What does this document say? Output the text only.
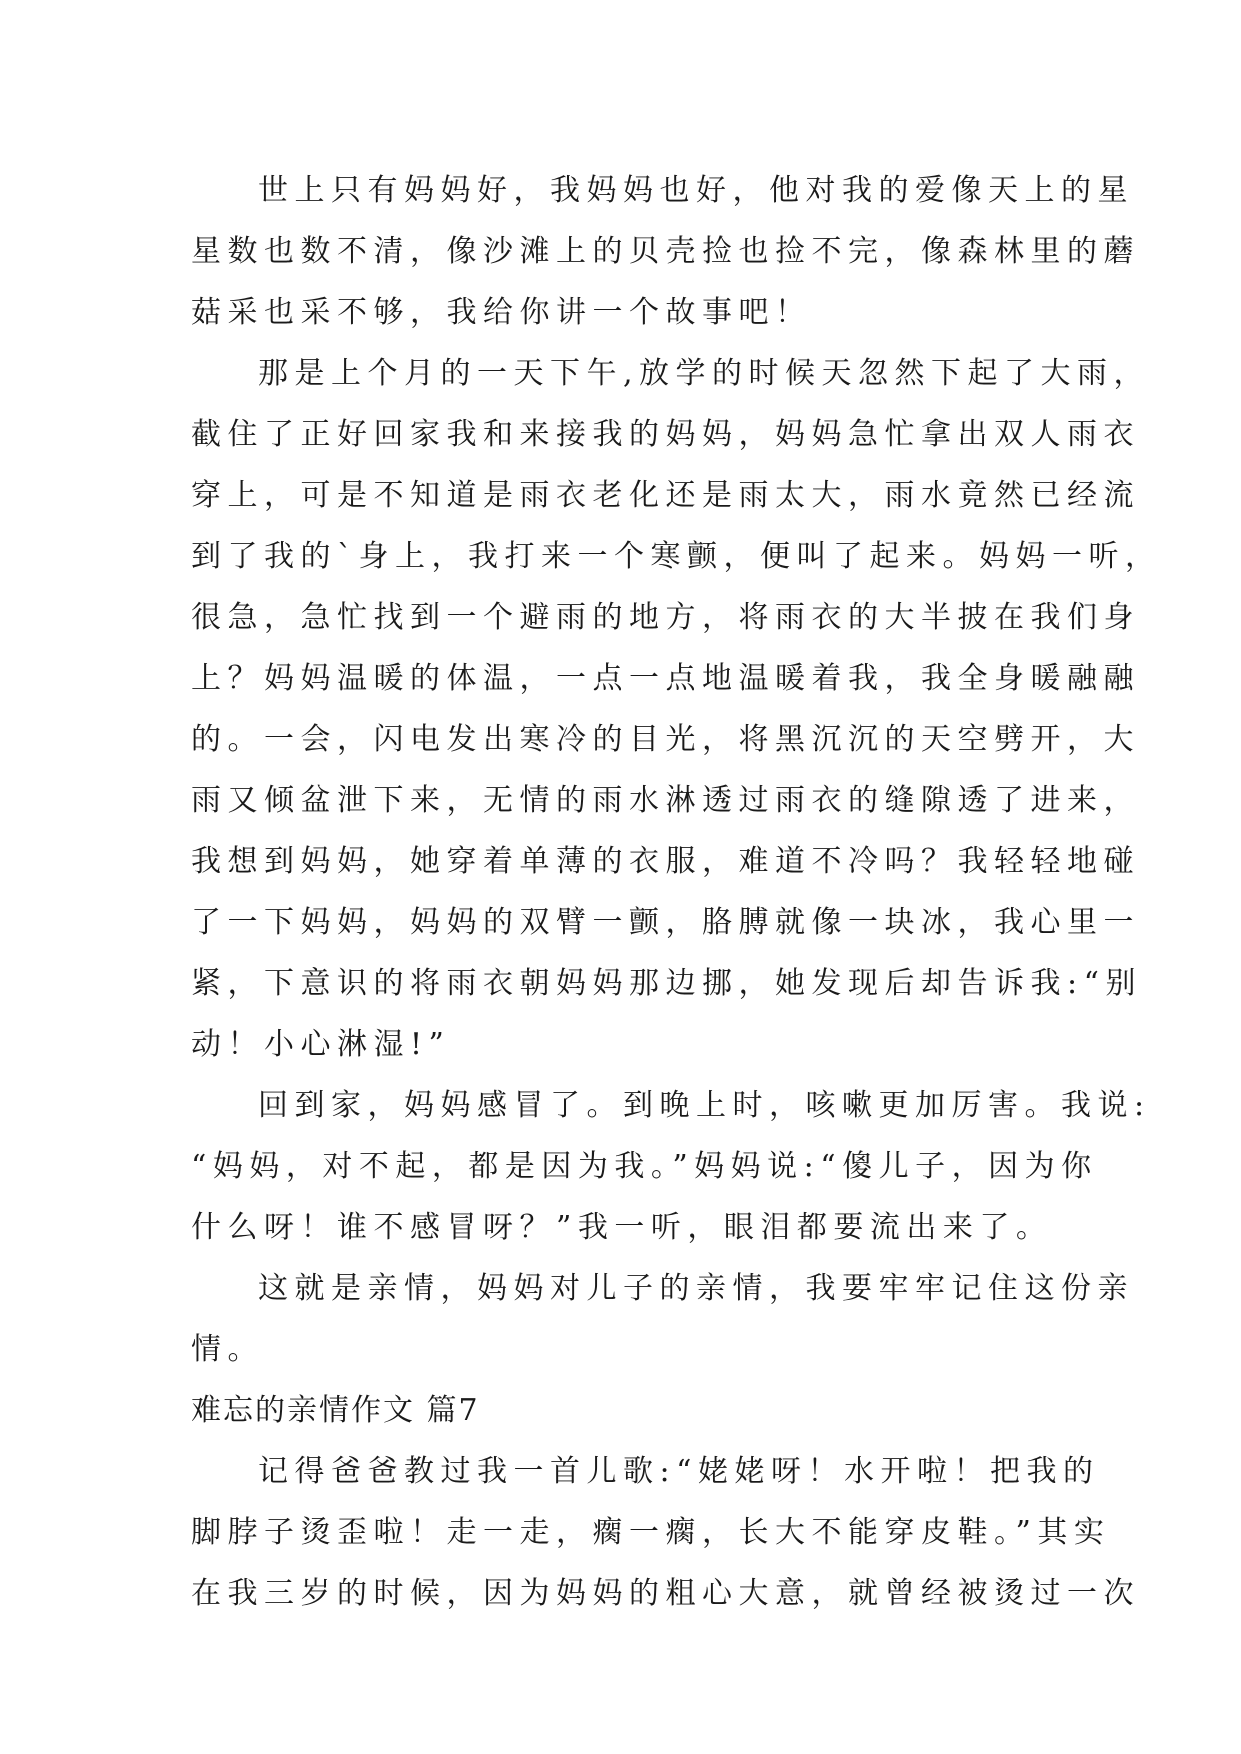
世上只有妈妈好，我妈妈也好，他对我的爱像天上的星
星数也数不清，像沙滩上的贝壳捡也捡不完，像森林里的蘑
菇采也采不够，我给你讲一个故事吧！
那是上个月的一天下午,放学的时候天忽然下起了大雨，
截住了正好回家我和来接我的妈妈，妈妈急忙拿出双人雨衣
穿上，可是不知道是雨衣老化还是雨太大，雨水竟然已经流
到了我的`身上，我打来一个寒颤，便叫了起来。妈妈一听，
很急，急忙找到一个避雨的地方，将雨衣的大半披在我们身
上？妈妈温暖的体温，一点一点地温暖着我，我全身暖融融
的。一会，闪电发出寒冷的目光，将黑沉沉的天空劈开，大
雨又倾盆泄下来，无情的雨水淋透过雨衣的缝隙透了进来，
我想到妈妈，她穿着单薄的衣服，难道不冷吗？我轻轻地碰
了一下妈妈，妈妈的双臂一颤，胳膊就像一块冰，我心里一
紧，下意识的将雨衣朝妈妈那边挪，她发现后却告诉我:“别
动！小心淋湿!”
回到家，妈妈感冒了。到晚上时，咳嗽更加厉害。我说:
“妈妈，对不起，都是因为我。”妈妈说:“傻儿子，因为你
什么呀！谁不感冒呀？”我一听，眼泪都要流出来了。
这就是亲情，妈妈对儿子的亲情，我要牢牢记住这份亲
情。
难忘的亲情作文 篇7
记得爸爸教过我一首儿歌:“姥姥呀！水开啦！把我的
脚脖子烫歪啦！走一走，瘸一瘸，长大不能穿皮鞋。”其实
在我三岁的时候，因为妈妈的粗心大意，就曾经被烫过一次
